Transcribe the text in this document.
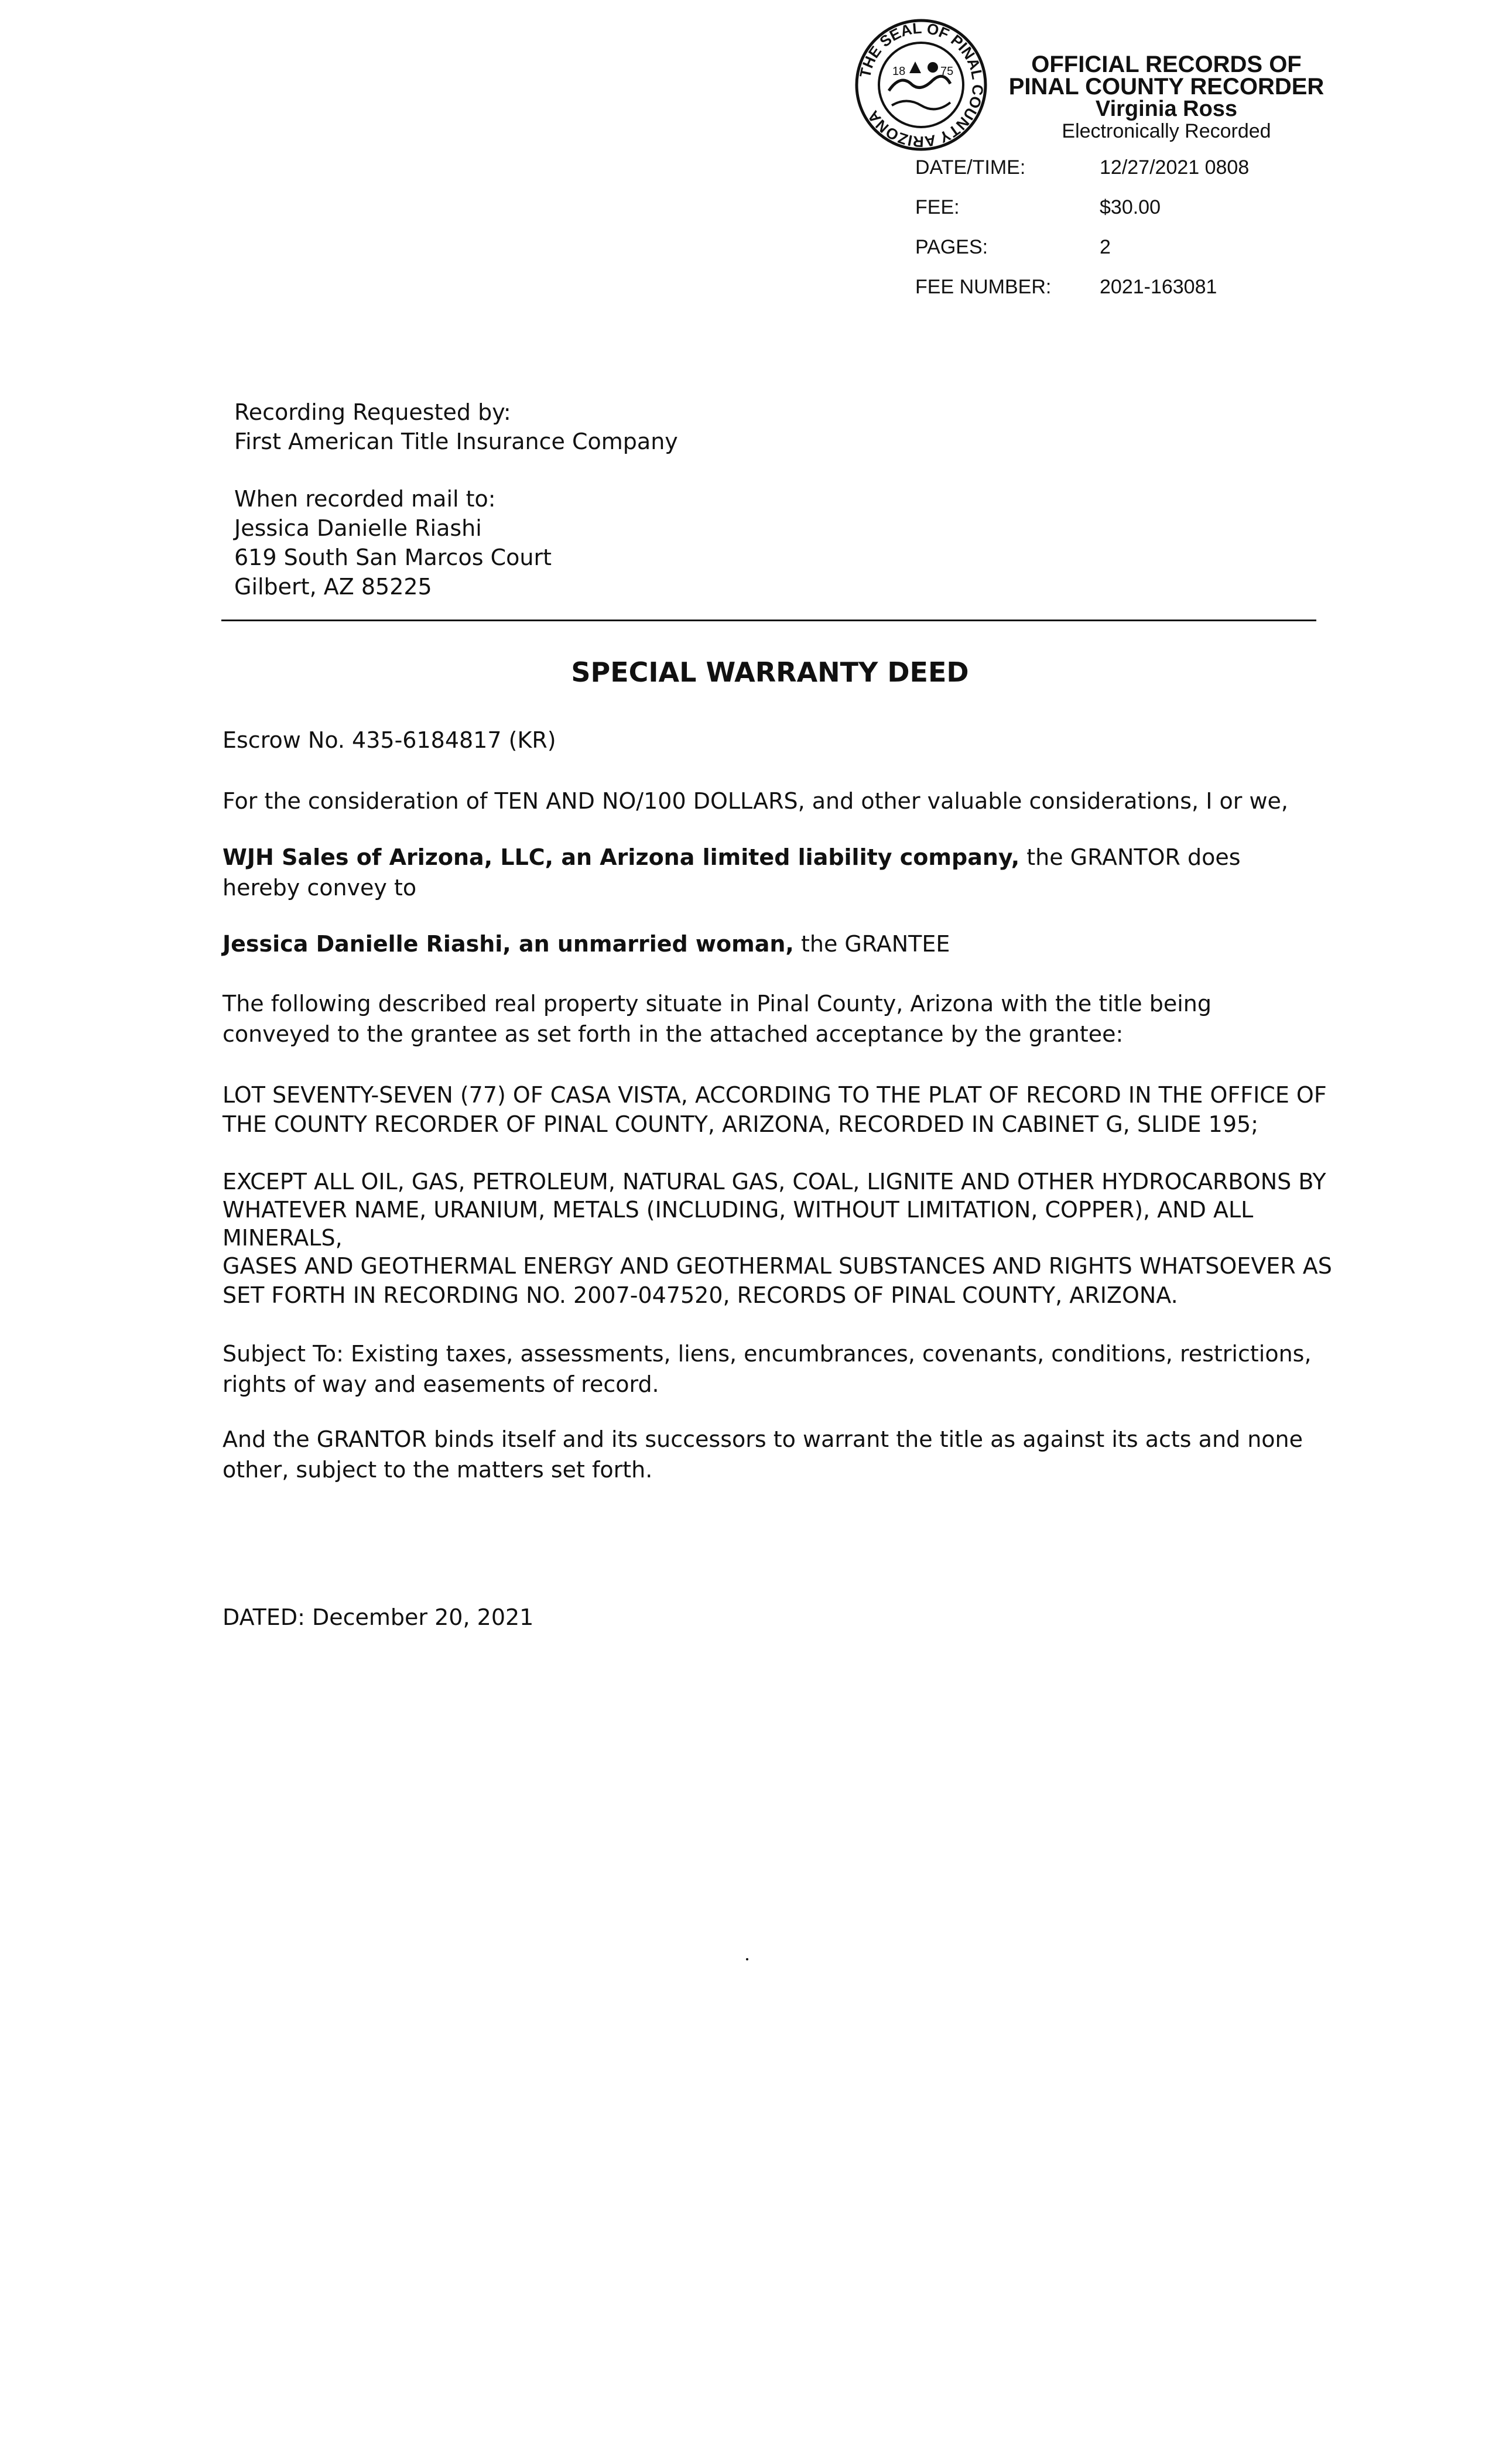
THE SEAL OF PINAL COUNTY ARIZONA
18	75	OFFICIAL RECORDS OF
PINAL COUNTY RECORDER
Virginia Ross
Electronically Recorded
DATE/TIME:	12/27/2021 0808
FEE:	$30.00
PAGES:	2
FEE NUMBER: 2021-163081
Recording Requested by:
First American Title Insurance Company
When recorded mail to:
Jessica Danielle Riashi
619 South San Marcos Court
Gilbert, AZ 85225
SPECIAL WARRANTY DEED
Escrow No. 435-6184817 (KR)
For the consideration of TEN AND NO/100 DOLLARS, and other valuable considerations, I or we,
WJH Sales of Arizona, LLC, an Arizona limited liability company, the GRANTOR does hereby convey to
Jessica Danielle Riashi, an unmarried woman, the GRANTEE
The following described real property situate in Pinal County, Arizona with the title being conveyed to the grantee as set forth in the attached acceptance by the grantee:
LOT SEVENTY-SEVEN (77) OF CASA VISTA, ACCORDING TO THE PLAT OF RECORD IN THE OFFICE OF
THE COUNTY RECORDER OF PINAL COUNTY, ARIZONA, RECORDED IN CABINET G, SLIDE 195;
EXCEPT ALL OIL, GAS, PETROLEUM, NATURAL GAS, COAL, LIGNITE AND OTHER HYDROCARBONS BY
WHATEVER NAME, URANIUM, METALS (INCLUDING, WITHOUT LIMITATION, COPPER), AND ALL
MINERALS,
GASES AND GEOTHERMAL ENERGY AND GEOTHERMAL SUBSTANCES AND RIGHTS WHATSOEVER AS
SET FORTH IN RECORDING NO. 2007-047520, RECORDS OF PINAL COUNTY, ARIZONA.
Subject To: Existing taxes, assessments, liens, encumbrances, covenants, conditions, restrictions, rights of way and easements of record.
And the GRANTOR binds itself and its successors to warrant the title as against its acts and none other, subject to the matters set forth.
DATED: December 20, 2021
